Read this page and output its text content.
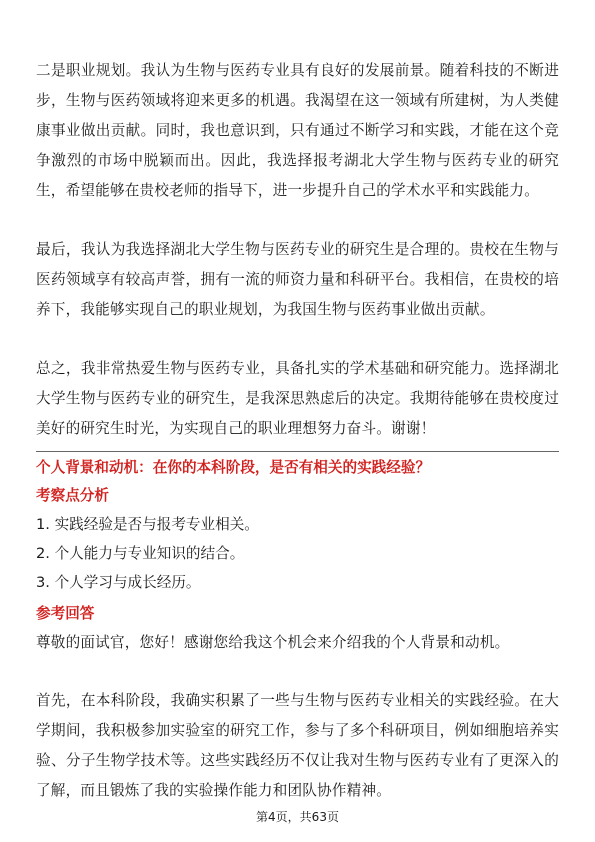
二是职业规划。我认为生物与医药专业具有良好的发展前景。随着科技的不断进步，生物与医药领域将迎来更多的机遇。我渴望在这一领域有所建树，为人类健康事业做出贡献。同时，我也意识到，只有通过不断学习和实践，才能在这个竞争激烈的市场中脱颖而出。因此，我选择报考湖北大学生物与医药专业的研究生，希望能够在贵校老师的指导下，进一步提升自己的学术水平和实践能力。

最后，我认为我选择湖北大学生物与医药专业的研究生是合理的。贵校在生物与医药领域享有较高声誉，拥有一流的师资力量和科研平台。我相信，在贵校的培养下，我能够实现自己的职业规划，为我国生物与医药事业做出贡献。

总之，我非常热爱生物与医药专业，具备扎实的学术基础和研究能力。选择湖北大学生物与医药专业的研究生，是我深思熟虑后的决定。我期待能够在贵校度过美好的研究生时光，为实现自己的职业理想努力奋斗。谢谢！

个人背景和动机：在你的本科阶段，是否有相关的实践经验？

考察点分析

1. 实践经验是否与报考专业相关。

2. 个人能力与专业知识的结合。

3. 个人学习与成长经历。

参考回答

尊敬的面试官，您好！感谢您给我这个机会来介绍我的个人背景和动机。

首先，在本科阶段，我确实积累了一些与生物与医药专业相关的实践经验。在大学期间，我积极参加实验室的研究工作，参与了多个科研项目，例如细胞培养实验、分子生物学技术等。这些实践经历不仅让我对生物与医药专业有了更深入的了解，而且锻炼了我的实验操作能力和团队协作精神。

第4页，共63页
